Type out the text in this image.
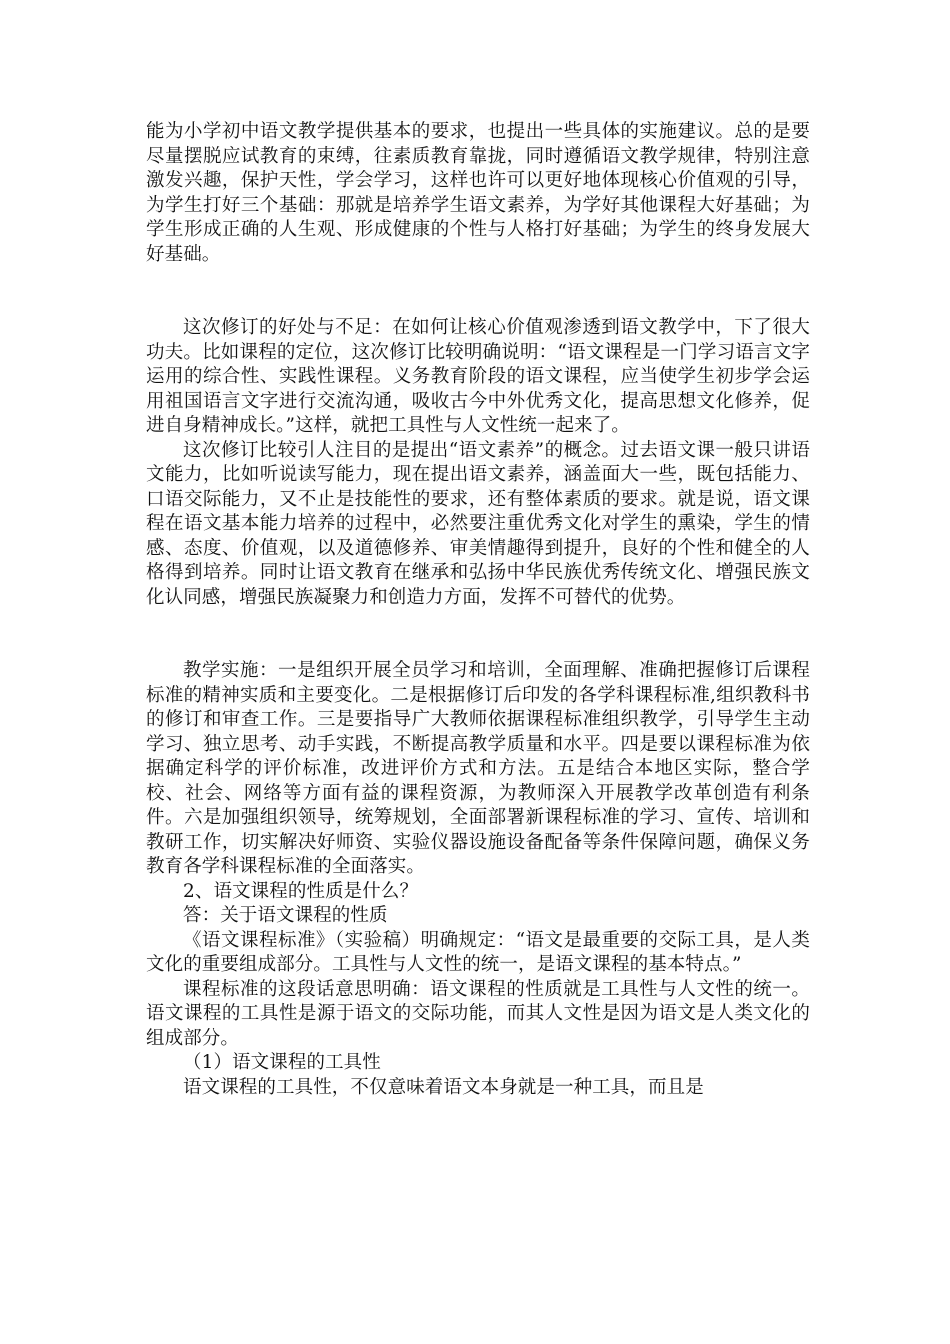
能为小学初中语文教学提供基本的要求，也提出一些具体的实施建议。总的是要尽量摆脱应试教育的束缚，往素质教育靠拢，同时遵循语文教学规律，特别注意激发兴趣，保护天性，学会学习，这样也许可以更好地体现核心价值观的引导，为学生打好三个基础：那就是培养学生语文素养，为学好其他课程大好基础；为学生形成正确的人生观、形成健康的个性与人格打好基础；为学生的终身发展大好基础。

这次修订的好处与不足：在如何让核心价值观渗透到语文教学中，下了很大功夫。比如课程的定位，这次修订比较明确说明：“语文课程是一门学习语言文字运用的综合性、实践性课程。义务教育阶段的语文课程，应当使学生初步学会运用祖国语言文字进行交流沟通，吸收古今中外优秀文化，提高思想文化修养，促进自身精神成长。”这样，就把工具性与人文性统一起来了。

这次修订比较引人注目的是提出“语文素养”的概念。过去语文课一般只讲语文能力，比如听说读写能力，现在提出语文素养，涵盖面大一些，既包括能力、口语交际能力，又不止是技能性的要求，还有整体素质的要求。就是说，语文课程在语文基本能力培养的过程中，必然要注重优秀文化对学生的熏染，学生的情感、态度、价值观，以及道德修养、审美情趣得到提升，良好的个性和健全的人格得到培养。同时让语文教育在继承和弘扬中华民族优秀传统文化、增强民族文化认同感，增强民族凝聚力和创造力方面，发挥不可替代的优势。

教学实施：一是组织开展全员学习和培训，全面理解、准确把握修订后课程标准的精神实质和主要变化。二是根据修订后印发的各学科课程标准,组织教科书的修订和审查工作。三是要指导广大教师依据课程标准组织教学，引导学生主动学习、独立思考、动手实践，不断提高教学质量和水平。四是要以课程标准为依据确定科学的评价标准，改进评价方式和方法。五是结合本地区实际，整合学校、社会、网络等方面有益的课程资源，为教师深入开展教学改革创造有利条件。六是加强组织领导，统筹规划，全面部署新课程标准的学习、宣传、培训和教研工作，切实解决好师资、实验仪器设施设备配备等条件保障问题，确保义务教育各学科课程标准的全面落实。

2、语文课程的性质是什么？

答：关于语文课程的性质

《语文课程标准》（实验稿）明确规定：“语文是最重要的交际工具，是人类文化的重要组成部分。工具性与人文性的统一，是语文课程的基本特点。”

课程标准的这段话意思明确：语文课程的性质就是工具性与人文性的统一。语文课程的工具性是源于语文的交际功能，而其人文性是因为语文是人类文化的组成部分。

（1）语文课程的工具性

语文课程的工具性，不仅意味着语文本身就是一种工具，而且是
